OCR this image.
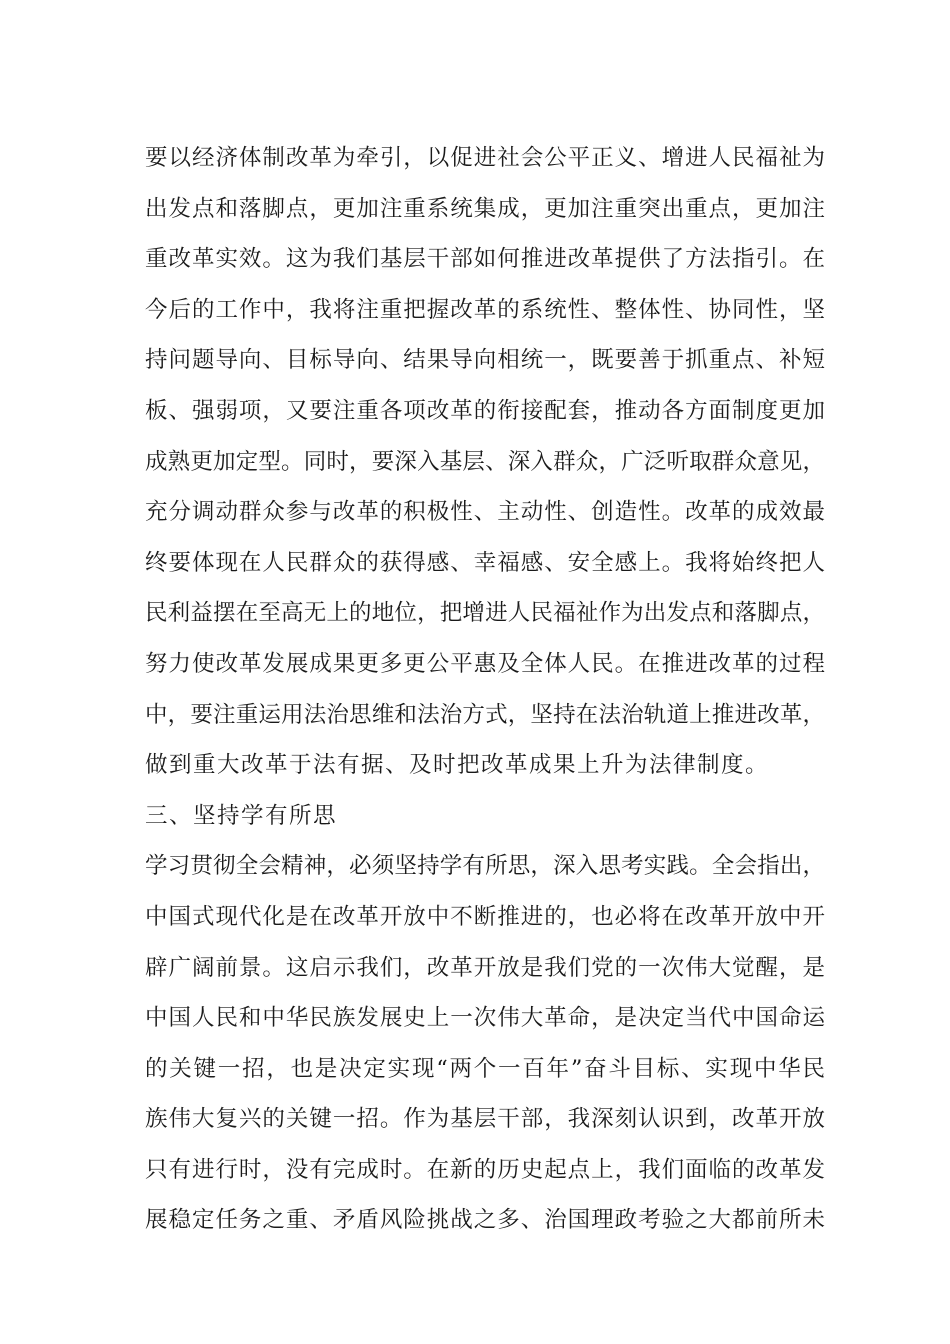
要以经济体制改革为牵引，以促进社会公平正义、增进人民福祉为
出发点和落脚点，更加注重系统集成，更加注重突出重点，更加注
重改革实效。这为我们基层干部如何推进改革提供了方法指引。在
今后的工作中，我将注重把握改革的系统性、整体性、协同性，坚
持问题导向、目标导向、结果导向相统一，既要善于抓重点、补短
板、强弱项，又要注重各项改革的衔接配套，推动各方面制度更加
成熟更加定型。同时，要深入基层、深入群众，广泛听取群众意见，
充分调动群众参与改革的积极性、主动性、创造性。改革的成效最
终要体现在人民群众的获得感、幸福感、安全感上。我将始终把人
民利益摆在至高无上的地位，把增进人民福祉作为出发点和落脚点，
努力使改革发展成果更多更公平惠及全体人民。在推进改革的过程
中，要注重运用法治思维和法治方式，坚持在法治轨道上推进改革，
做到重大改革于法有据、及时把改革成果上升为法律制度。
三、坚持学有所思
学习贯彻全会精神，必须坚持学有所思，深入思考实践。全会指出，
中国式现代化是在改革开放中不断推进的，也必将在改革开放中开
辟广阔前景。这启示我们，改革开放是我们党的一次伟大觉醒，是
中国人民和中华民族发展史上一次伟大革命，是决定当代中国命运
的关键一招，也是决定实现“两个一百年”奋斗目标、实现中华民
族伟大复兴的关键一招。作为基层干部，我深刻认识到，改革开放
只有进行时，没有完成时。在新的历史起点上，我们面临的改革发
展稳定任务之重、矛盾风险挑战之多、治国理政考验之大都前所未
